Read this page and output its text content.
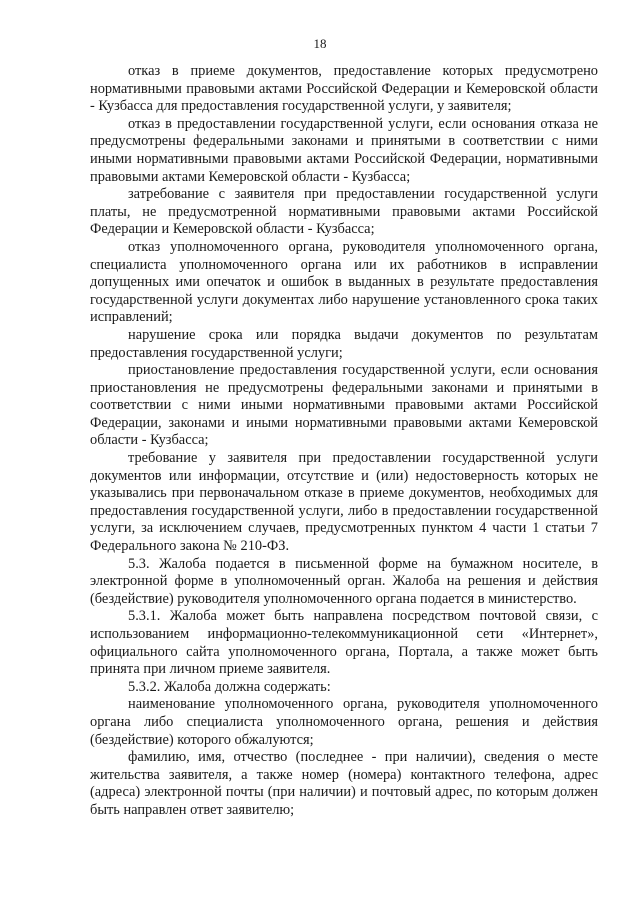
18

отказ в приеме документов, предоставление которых предусмотрено нормативными правовыми актами Российской Федерации и Кемеровской области - Кузбасса для предоставления государственной услуги, у заявителя;

отказ в предоставлении государственной услуги, если основания отказа не предусмотрены федеральными законами и принятыми в соответствии с ними иными нормативными правовыми актами Российской Федерации, нормативными правовыми актами Кемеровской области - Кузбасса;

затребование с заявителя при предоставлении государственной услуги платы, не предусмотренной нормативными правовыми актами Российской Федерации и Кемеровской области - Кузбасса;

отказ уполномоченного органа, руководителя уполномоченного органа, специалиста уполномоченного органа или их работников в исправлении допущенных ими опечаток и ошибок в выданных в результате предоставления государственной услуги документах либо нарушение установленного срока таких исправлений;

нарушение срока или порядка выдачи документов по результатам предоставления государственной услуги;

приостановление предоставления государственной услуги, если основания приостановления не предусмотрены федеральными законами и принятыми в соответствии с ними иными нормативными правовыми актами Российской Федерации, законами и иными нормативными правовыми актами Кемеровской области - Кузбасса;

требование у заявителя при предоставлении государственной услуги документов или информации, отсутствие и (или) недостоверность которых не указывались при первоначальном отказе в приеме документов, необходимых для предоставления государственной услуги, либо в предоставлении государственной услуги, за исключением случаев, предусмотренных пунктом 4 части 1 статьи 7 Федерального закона № 210-ФЗ.

5.3. Жалоба подается в письменной форме на бумажном носителе, в электронной форме в уполномоченный орган. Жалоба на решения и действия (бездействие) руководителя уполномоченного органа подается в министерство.

5.3.1. Жалоба может быть направлена посредством почтовой связи, с использованием информационно-телекоммуникационной сети «Интернет», официального сайта уполномоченного органа, Портала, а также может быть принята при личном приеме заявителя.

5.3.2. Жалоба должна содержать:

наименование уполномоченного органа, руководителя уполномоченного органа либо специалиста уполномоченного органа, решения и действия (бездействие) которого обжалуются;

фамилию, имя, отчество (последнее - при наличии), сведения о месте жительства заявителя, а также номер (номера) контактного телефона, адрес (адреса) электронной почты (при наличии) и почтовый адрес, по которым должен быть направлен ответ заявителю;
